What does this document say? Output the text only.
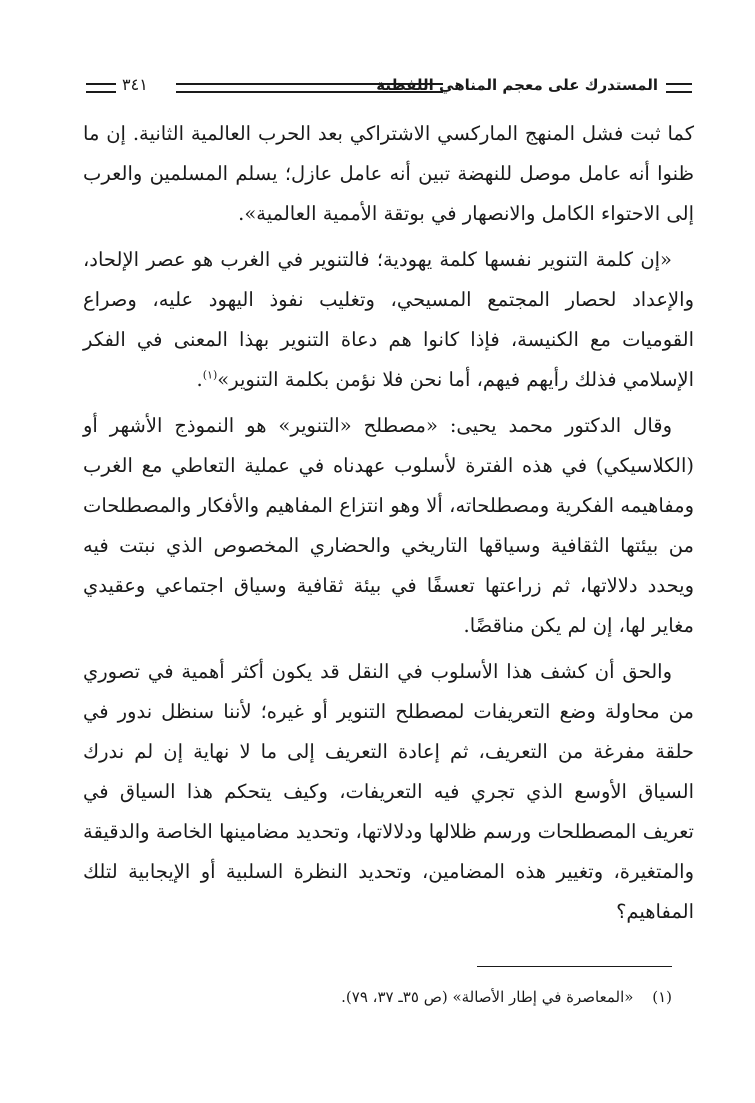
المستدرك على معجم المناهي اللفظية
٣٤١

كما ثبت فشل المنهج الماركسي الاشتراكي بعد الحرب العالمية الثانية. إن ما ظنوا أنه عامل موصل للنهضة تبين أنه عامل عازل؛ يسلم المسلمين والعرب إلى الاحتواء الكامل والانصهار في بوتقة الأممية العالمية».

«إن كلمة التنوير نفسها كلمة يهودية؛ فالتنوير في الغرب هو عصر الإلحاد، والإعداد لحصار المجتمع المسيحي، وتغليب نفوذ اليهود عليه، وصراع القوميات مع الكنيسة، فإذا كانوا هم دعاة التنوير بهذا المعنى في الفكر الإسلامي فذلك رأيهم فيهم، أما نحن فلا نؤمن بكلمة التنوير»$^{(١)}$.

وقال الدكتور محمد يحيى: «مصطلح «التنوير» هو النموذج الأشهر أو (الكلاسيكي) في هذه الفترة لأسلوب عهدناه في عملية التعاطي مع الغرب ومفاهيمه الفكرية ومصطلحاته، ألا وهو انتزاع المفاهيم والأفكار والمصطلحات من بيئتها الثقافية وسياقها التاريخي والحضاري المخصوص الذي نبتت فيه ويحدد دلالاتها، ثم زراعتها تعسفًا في بيئة ثقافية وسياق اجتماعي وعقيدي مغاير لها، إن لم يكن مناقضًا.

والحق أن كشف هذا الأسلوب في النقل قد يكون أكثر أهمية في تصوري من محاولة وضع التعريفات لمصطلح التنوير أو غيره؛ لأننا سنظل ندور في حلقة مفرغة من التعريف، ثم إعادة التعريف إلى ما لا نهاية إن لم ندرك السياق الأوسع الذي تجري فيه التعريفات، وكيف يتحكم هذا السياق في تعريف المصطلحات ورسم ظلالها ودلالاتها، وتحديد مضامينها الخاصة والدقيقة والمتغيرة، وتغيير هذه المضامين، وتحديد النظرة السلبية أو الإيجابية لتلك المفاهيم؟

(١) «المعاصرة في إطار الأصالة» (ص ٣٥ـ ٣٧، ٧٩).
